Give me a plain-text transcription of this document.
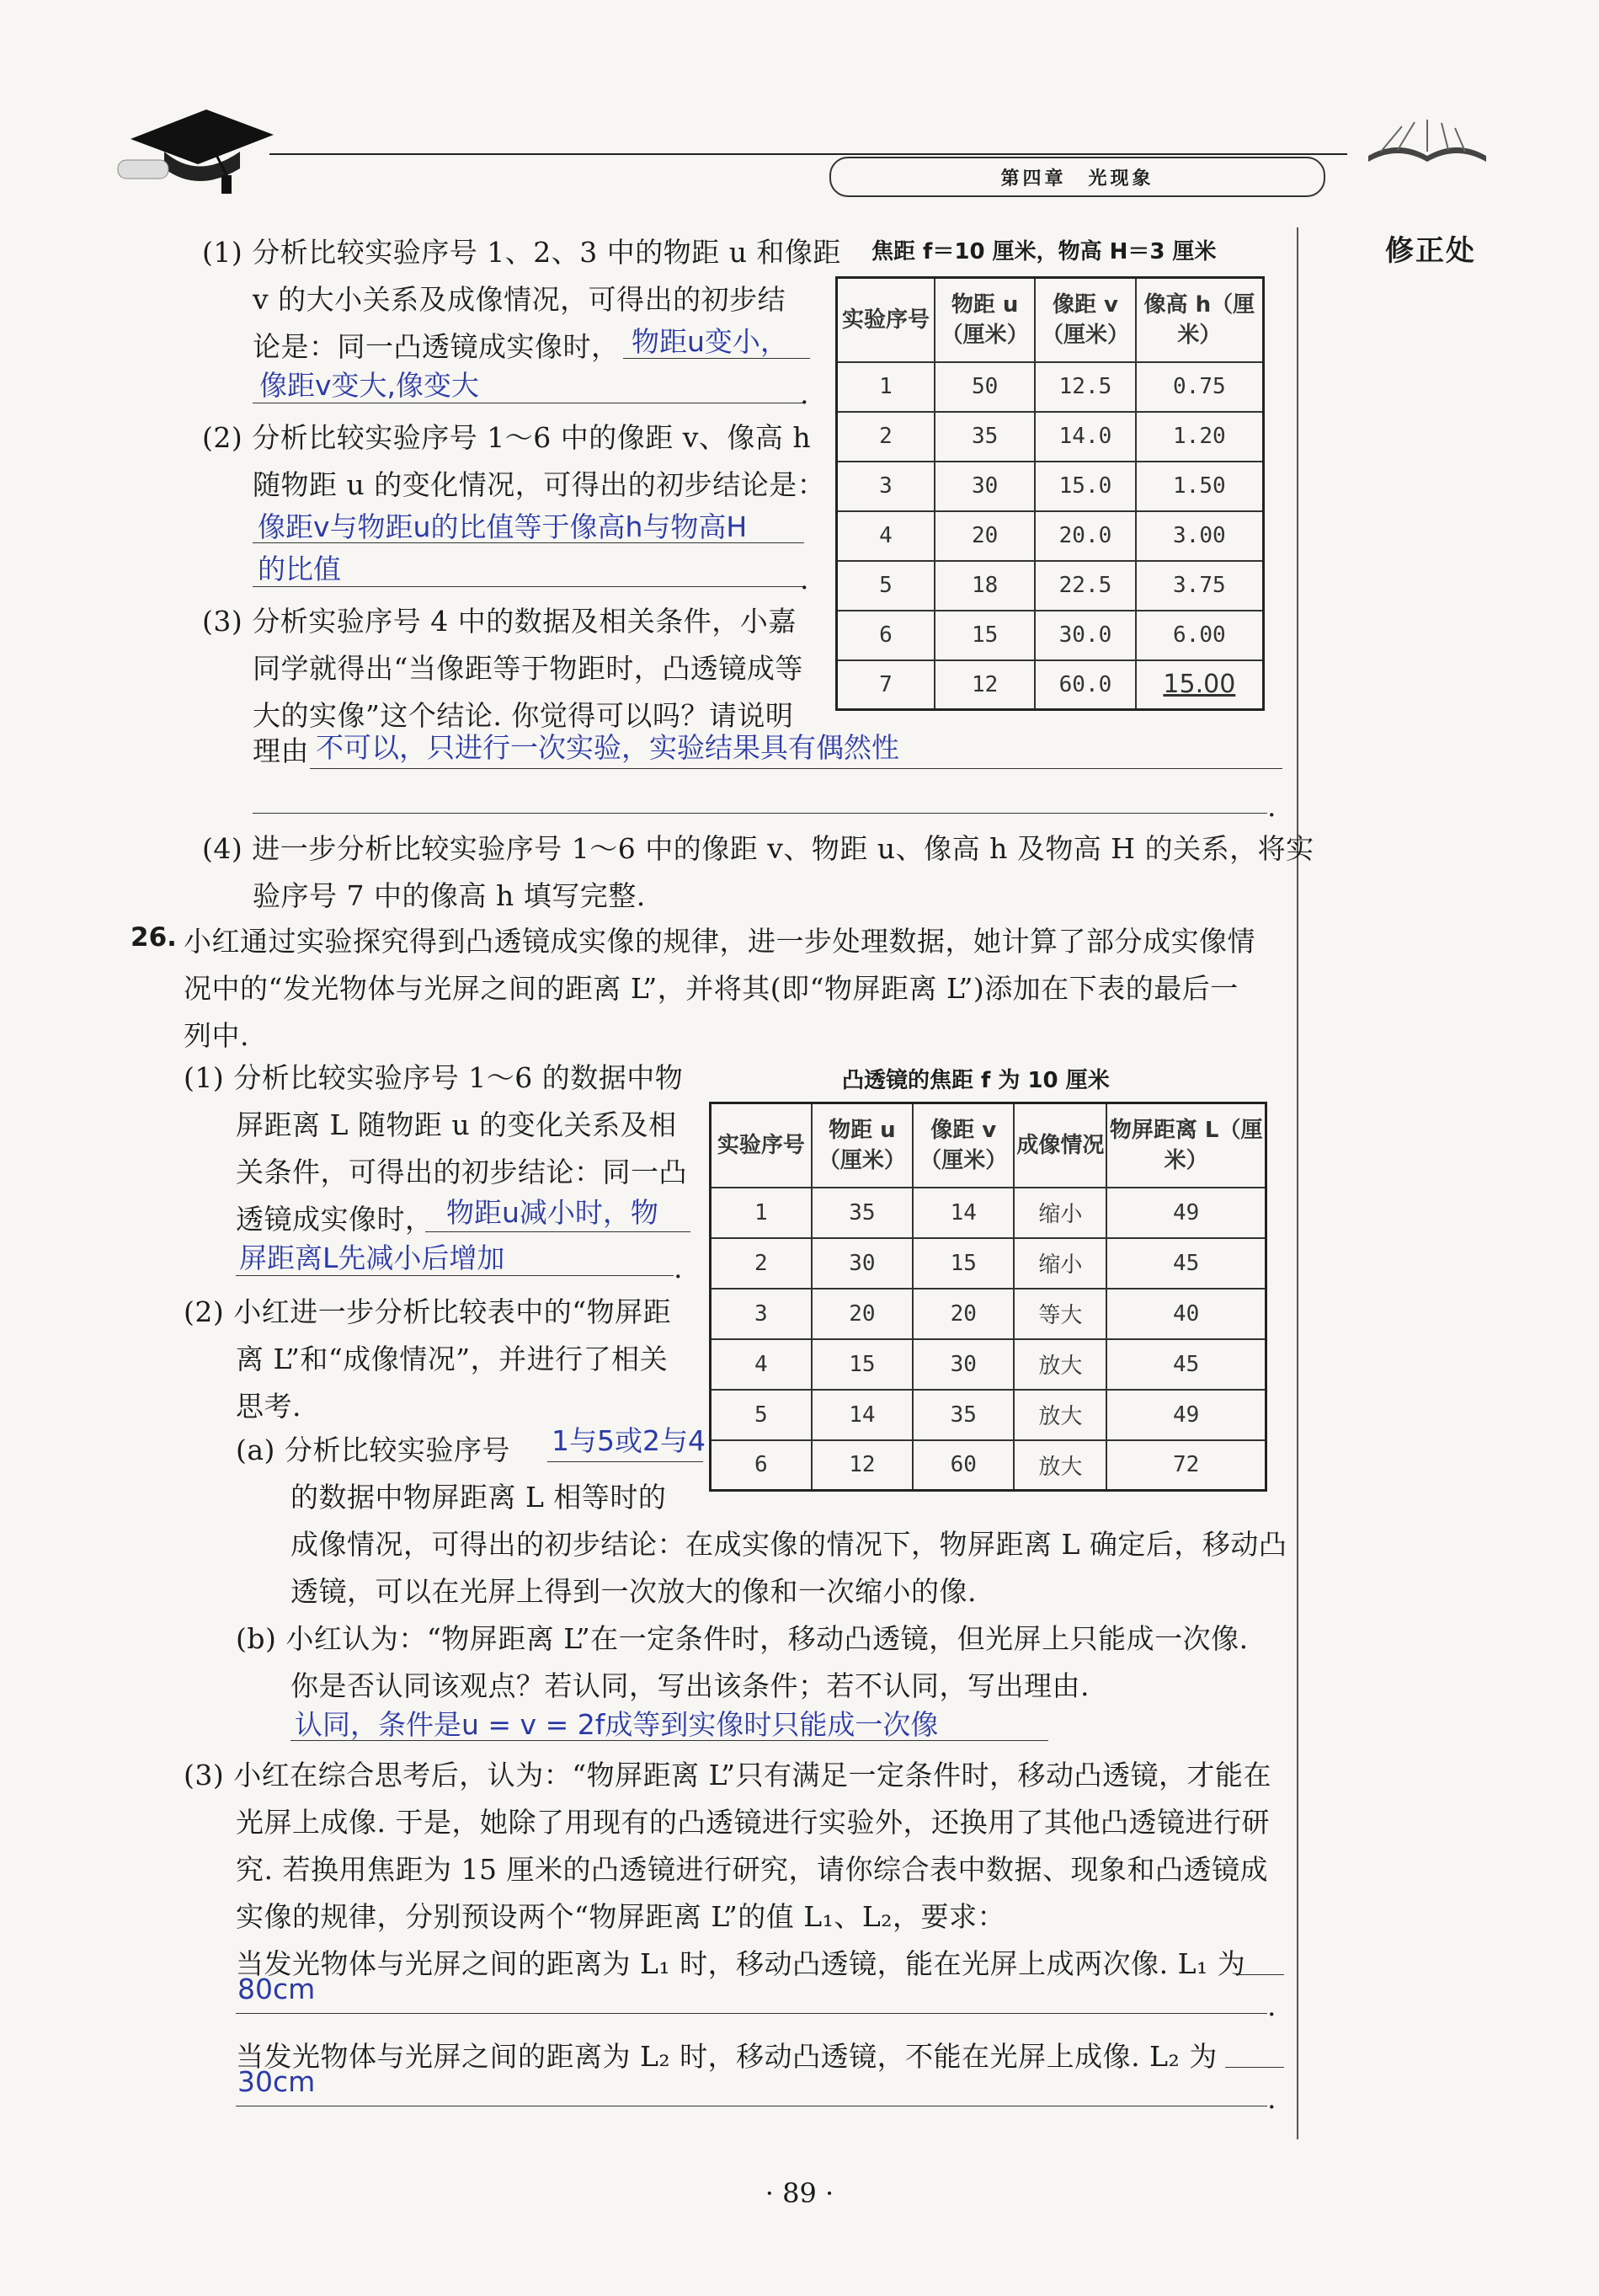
第四章　光现象
修正处
(1) 分析比较实验序号 1、2、3 中的物距 u 和像距
v 的大小关系及成像情况，可得出的初步结
论是：同一凸透镜成实像时， 物距u变小，
像距v变大,像变大	.
(2) 分析比较实验序号 1～6 中的像距 v、像高 h
随物距 u 的变化情况，可得出的初步结论是：
像距v与物距u的比值等于像高h与物高H
的比值	.
(3) 分析实验序号 4 中的数据及相关条件，小嘉
同学就得出“当像距等于物距时，凸透镜成等
大的实像”这个结论. 你觉得可以吗？请说明
理由 不可以，只进行一次实验，实验结果具有偶然性
.
(4) 进一步分析比较实验序号 1～6 中的像距 v、物距 u、像高 h 及物高 H 的关系，将实
验序号 7 中的像高 h 填写完整.
焦距 f＝10 厘米，物高 H＝3 厘米
实验序号	物距 u（厘米）	像距 v（厘米）	像高 h（厘米）
1	50	12.5	0.75
2	35	14.0	1.20
3	30	15.0	1.50
4	20	20.0	3.00
5	18	22.5	3.75
6	15	30.0	6.00
7	12	60.0	15.00
26. 小红通过实验探究得到凸透镜成实像的规律，进一步处理数据，她计算了部分成实像情
况中的“发光物体与光屏之间的距离 L”，并将其(即“物屏距离 L”)添加在下表的最后一
列中.
(1) 分析比较实验序号 1～6 的数据中物
屏距离 L 随物距 u 的变化关系及相
关条件，可得出的初步结论：同一凸
透镜成实像时， 物距u减小时，物
屏距离L先减小后增加	.
(2) 小红进一步分析比较表中的“物屏距
离 L”和“成像情况”，并进行了相关
思考.
(a) 分析比较实验序号 1与5或2与4
的数据中物屏距离 L 相等时的
成像情况，可得出的初步结论：在成实像的情况下，物屏距离 L 确定后，移动凸
透镜，可以在光屏上得到一次放大的像和一次缩小的像.
(b) 小红认为：“物屏距离 L”在一定条件时，移动凸透镜，但光屏上只能成一次像.
你是否认同该观点？若认同，写出该条件；若不认同，写出理由.
认同，条件是u = v = 2f成等到实像时只能成一次像
(3) 小红在综合思考后，认为：“物屏距离 L”只有满足一定条件时，移动凸透镜，才能在
光屏上成像. 于是，她除了用现有的凸透镜进行实验外，还换用了其他凸透镜进行研
究. 若换用焦距为 15 厘米的凸透镜进行研究，请你综合表中数据、现象和凸透镜成
实像的规律，分别预设两个“物屏距离 L”的值 L₁、L₂，要求：
当发光物体与光屏之间的距离为 L₁ 时，移动凸透镜，能在光屏上成两次像. L₁ 为
80cm
.
当发光物体与光屏之间的距离为 L₂ 时，移动凸透镜，不能在光屏上成像. L₂ 为
30cm
.
凸透镜的焦距 f 为 10 厘米
实验序号	物距 u（厘米）	像距 v（厘米）	成像情况	物屏距离 L（厘米）
1	35	14	缩小	49
2	30	15	缩小	45
3	20	20	等大	40
4	15	30	放大	45
5	14	35	放大	49
6	12	60	放大	72
· 89 ·
